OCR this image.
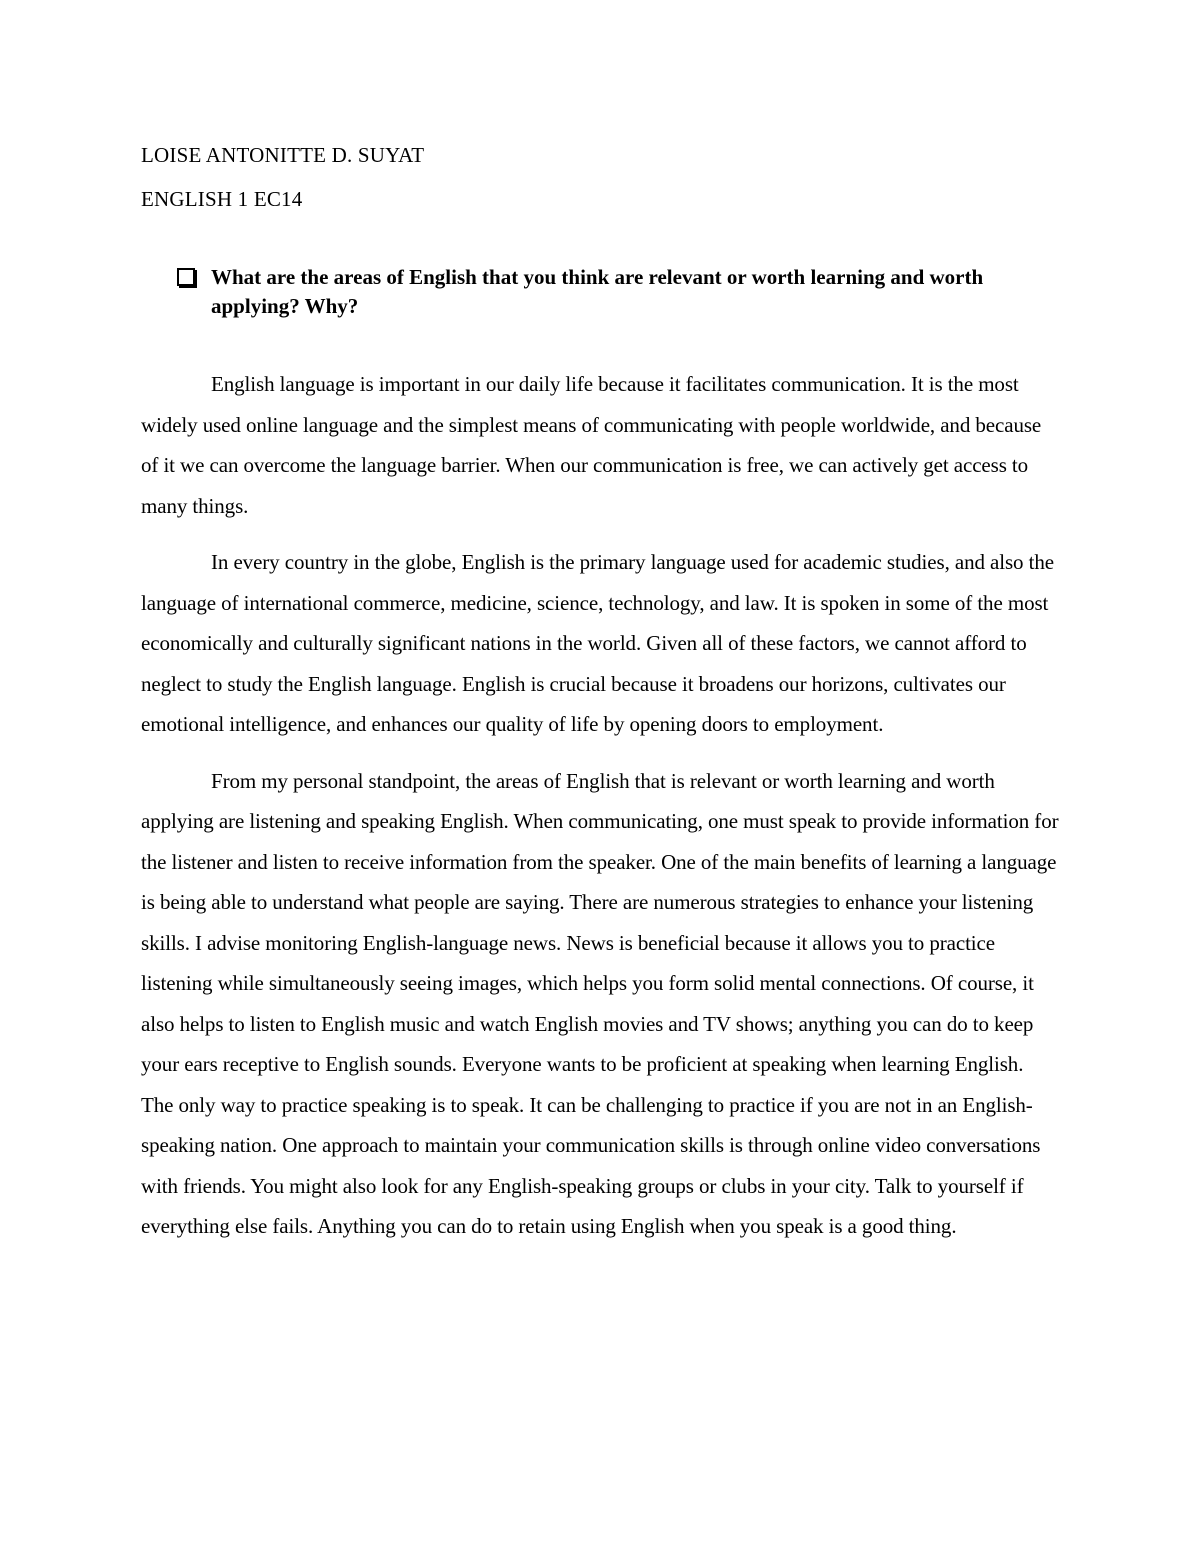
LOISE ANTONITTE D. SUYAT

ENGLISH 1 EC14

What are the areas of English that you think are relevant or worth learning and worth applying? Why?

English language is important in our daily life because it facilitates communication. It is the most widely used online language and the simplest means of communicating with people worldwide, and because of it we can overcome the language barrier. When our communication is free, we can actively get access to many things.

In every country in the globe, English is the primary language used for academic studies, and also the language of international commerce, medicine, science, technology, and law. It is spoken in some of the most economically and culturally significant nations in the world. Given all of these factors, we cannot afford to neglect to study the English language. English is crucial because it broadens our horizons, cultivates our emotional intelligence, and enhances our quality of life by opening doors to employment.

From my personal standpoint, the areas of English that is relevant or worth learning and worth applying are listening and speaking English. When communicating, one must speak to provide information for the listener and listen to receive information from the speaker. One of the main benefits of learning a language is being able to understand what people are saying. There are numerous strategies to enhance your listening skills. I advise monitoring English-language news. News is beneficial because it allows you to practice listening while simultaneously seeing images, which helps you form solid mental connections. Of course, it also helps to listen to English music and watch English movies and TV shows; anything you can do to keep your ears receptive to English sounds. Everyone wants to be proficient at speaking when learning English. The only way to practice speaking is to speak. It can be challenging to practice if you are not in an English-speaking nation. One approach to maintain your communication skills is through online video conversations with friends. You might also look for any English-speaking groups or clubs in your city. Talk to yourself if everything else fails. Anything you can do to retain using English when you speak is a good thing.
